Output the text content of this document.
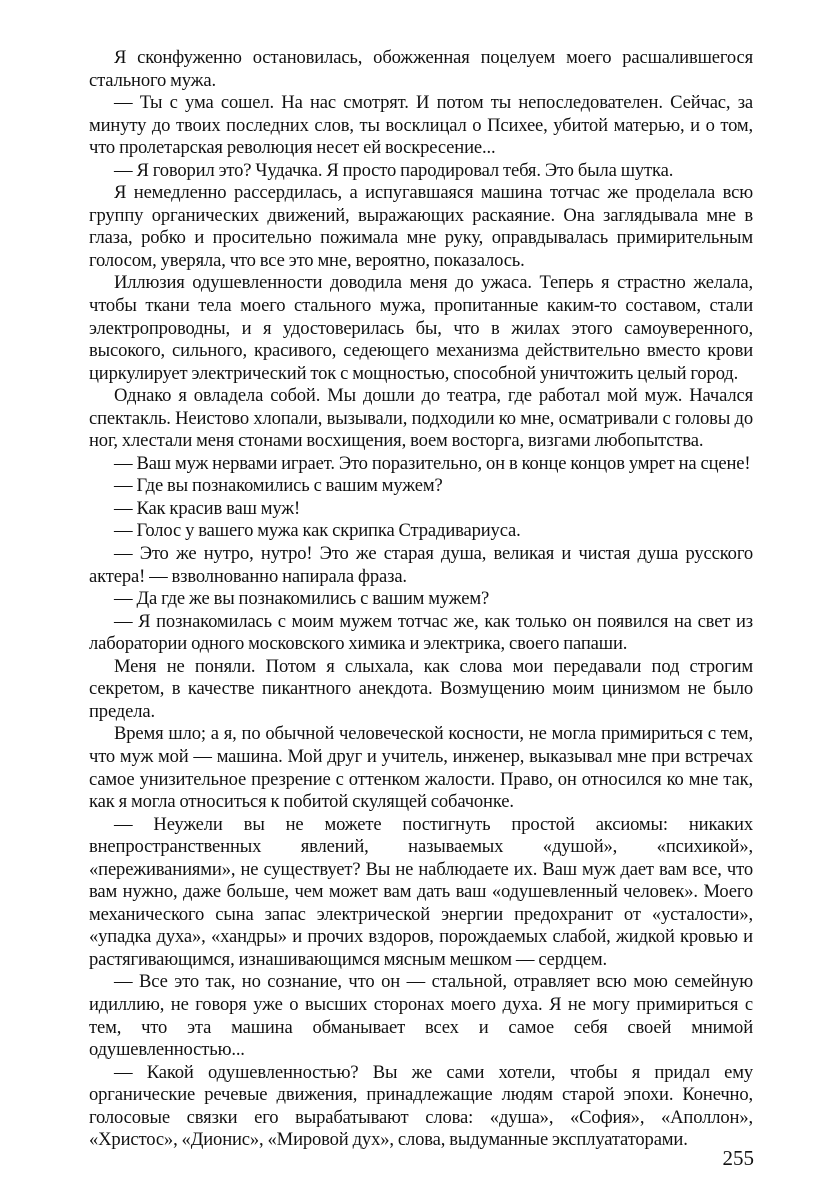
Я сконфуженно остановилась, обожженная поцелуем моего расшалившегося стального мужа.

— Ты с ума сошел. На нас смотрят. И потом ты непоследователен. Сейчас, за минуту до твоих последних слов, ты восклицал о Психее, убитой матерью, и о том, что пролетарская революция несет ей воскресение...

— Я говорил это? Чудачка. Я просто пародировал тебя. Это была шутка.

Я немедленно рассердилась, а испугавшаяся машина тотчас же проделала всю группу органических движений, выражающих раскаяние. Она заглядывала мне в глаза, робко и просительно пожимала мне руку, оправдывалась примирительным голосом, уверяла, что все это мне, вероятно, показалось.

Иллюзия одушевленности доводила меня до ужаса. Теперь я страстно желала, чтобы ткани тела моего стального мужа, пропитанные каким-то составом, стали электропроводны, и я удостоверилась бы, что в жилах этого самоуверенного, высокого, сильного, красивого, седеющего механизма действительно вместо крови циркулирует электрический ток с мощностью, способной уничтожить целый город.

Однако я овладела собой. Мы дошли до театра, где работал мой муж. Начался спектакль. Неистово хлопали, вызывали, подходили ко мне, осматривали с головы до ног, хлестали меня стонами восхищения, воем восторга, визгами любопытства.

— Ваш муж нервами играет. Это поразительно, он в конце концов умрет на сцене!

— Где вы познакомились с вашим мужем?

— Как красив ваш муж!

— Голос у вашего мужа как скрипка Страдивариуса.

— Это же нутро, нутро! Это же старая душа, великая и чистая душа русского актера! — взволнованно напирала фраза.

— Да где же вы познакомились с вашим мужем?

— Я познакомилась с моим мужем тотчас же, как только он появился на свет из лаборатории одного московского химика и электрика, своего папаши.

Меня не поняли. Потом я слыхала, как слова мои передавали под строгим секретом, в качестве пикантного анекдота. Возмущению моим цинизмом не было предела.

Время шло; а я, по обычной человеческой косности, не могла примириться с тем, что муж мой — машина. Мой друг и учитель, инженер, выказывал мне при встречах самое унизительное презрение с оттенком жалости. Право, он относился ко мне так, как я могла относиться к побитой скулящей собачонке.

— Неужели вы не можете постигнуть простой аксиомы: никаких внепространственных явлений, называемых «душой», «психикой», «переживаниями», не существует? Вы не наблюдаете их. Ваш муж дает вам все, что вам нужно, даже больше, чем может вам дать ваш «одушевленный человек». Моего механического сына запас электрической энергии предохранит от «усталости», «упадка духа», «хандры» и прочих вздоров, порождаемых слабой, жидкой кровью и растягивающимся, изнашивающимся мясным мешком — сердцем.

— Все это так, но сознание, что он — стальной, отравляет всю мою семейную идиллию, не говоря уже о высших сторонах моего духа. Я не могу примириться с тем, что эта машина обманывает всех и самое себя своей мнимой одушевленностью...

— Какой одушевленностью? Вы же сами хотели, чтобы я придал ему органические речевые движения, принадлежащие людям старой эпохи. Конечно, голосовые связки его вырабатывают слова: «душа», «София», «Аполлон», «Христос», «Дионис», «Мировой дух», слова, выдуманные эксплуататорами.

255
